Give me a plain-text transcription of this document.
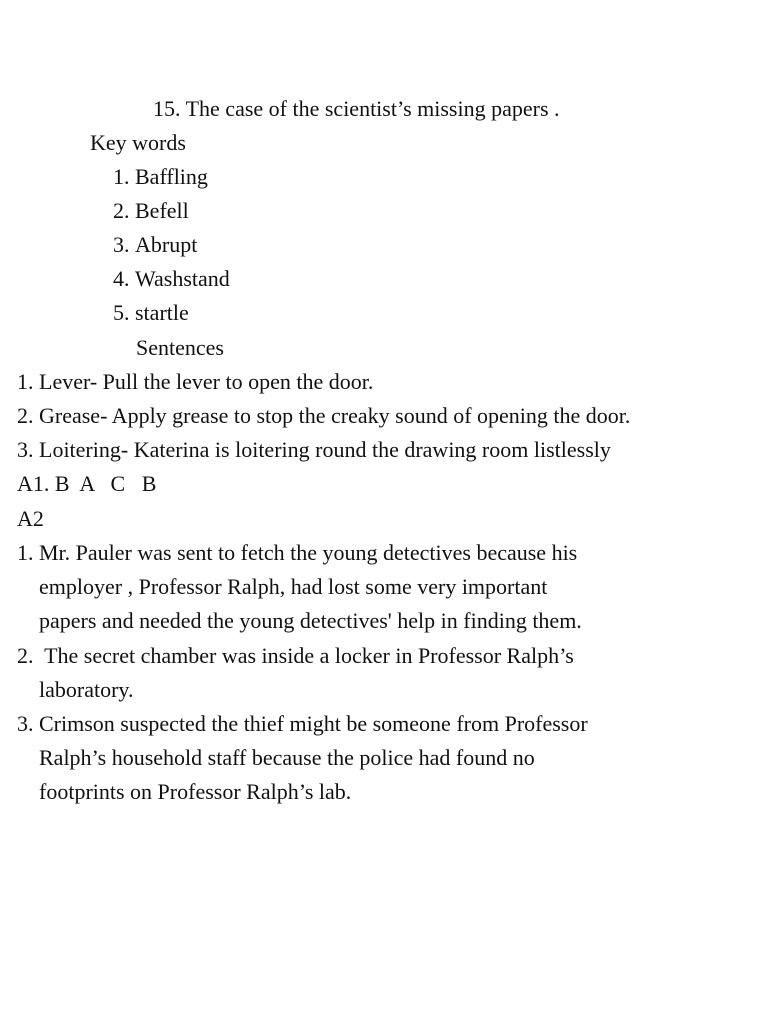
15. The case of the scientist’s missing papers .
Key words
1. Baffling
2. Befell
3. Abrupt
4. Washstand
5. startle
Sentences
1. Lever- Pull the lever to open the door.
2. Grease- Apply grease to stop the creaky sound of opening the door.
3. Loitering- Katerina is loitering round the drawing room listlessly
A1. B  A   C   B
A2
1. Mr. Pauler was sent to fetch the young detectives because his
employer , Professor Ralph, had lost some very important
papers and needed the young detectives' help in finding them.
2. The secret chamber was inside a locker in Professor Ralph’s
laboratory.
3. Crimson suspected the thief might be someone from Professor
Ralph’s household staff because the police had found no
footprints on Professor Ralph’s lab.
